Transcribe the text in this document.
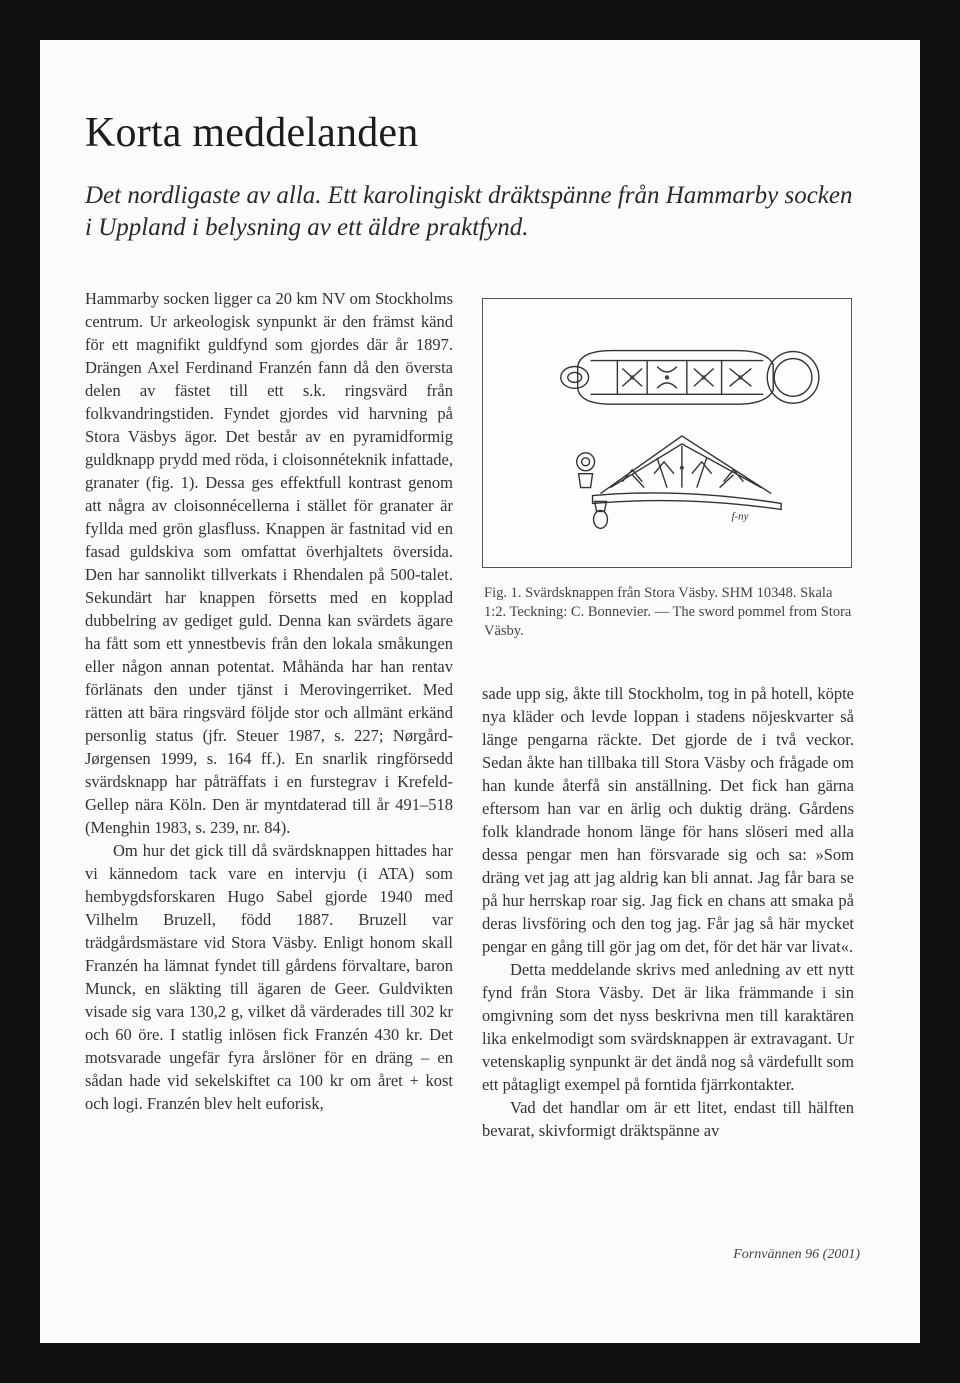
Korta meddelanden
Det nordligaste av alla. Ett karolingiskt dräktspänne från Hammarby socken i Uppland i belysning av ett äldre praktfynd.

Hammarby socken ligger ca 20 km NV om Stockholms centrum. Ur arkeologisk synpunkt är den främst känd för ett magnifikt guldfynd som gjordes där år 1897. Drängen Axel Ferdinand Franzén fann då den översta delen av fästet till ett s.k. ringsvärd från folkvandringstiden. Fyndet gjordes vid harvning på Stora Väsbys ägor. Det består av en pyramidformig guldknapp prydd med röda, i cloisonnéteknik infattade, granater (fig. 1). Dessa ges effektfull kontrast genom att några av cloisonnécellerna i stället för granater är fyllda med grön glasfluss. Knappen är fastnitad vid en fasad guldskiva som omfattat överhjaltets översida. Den har sannolikt tillverkats i Rhendalen på 500-talet. Sekundärt har knappen försetts med en kopplad dubbelring av gediget guld. Denna kan svärdets ägare ha fått som ett ynnestbevis från den lokala småkungen eller någon annan potentat. Måhända har han rentav förlänats den under tjänst i Merovingerriket. Med rätten att bära ringsvärd följde stor och allmänt erkänd personlig status (jfr. Steuer 1987, s. 227; Nørgård-Jørgensen 1999, s. 164 ff.). En snarlik ringförsedd svärdsknapp har påträffats i en furstegrav i Krefeld-Gellep nära Köln. Den är myntdaterad till år 491–518 (Menghin 1983, s. 239, nr. 84).

Om hur det gick till då svärdsknappen hittades har vi kännedom tack vare en intervju (i ATA) som hembygdsforskaren Hugo Sabel gjorde 1940 med Vilhelm Bruzell, född 1887. Bruzell var trädgårdsmästare vid Stora Väsby. Enligt honom skall Franzén ha lämnat fyndet till gårdens förvaltare, baron Munck, en släkting till ägaren de Geer. Guldvikten visade sig vara 130,2 g, vilket då värderades till 302 kr och 60 öre. I statlig inlösen fick Franzén 430 kr. Det motsvarade ungefär fyra årslöner för en dräng – en sådan hade vid sekelskiftet ca 100 kr om året + kost och logi. Franzén blev helt euforisk,

f-ny

Fig. 1. Svärdsknappen från Stora Väsby. SHM 10348. Skala 1:2. Teckning: C. Bonnevier. — The sword pommel from Stora Väsby.

sade upp sig, åkte till Stockholm, tog in på hotell, köpte nya kläder och levde loppan i stadens nöjeskvarter så länge pengarna räckte. Det gjorde de i två veckor. Sedan åkte han tillbaka till Stora Väsby och frågade om han kunde återfå sin anställning. Det fick han gärna eftersom han var en ärlig och duktig dräng. Gårdens folk klandrade honom länge för hans slöseri med alla dessa pengar men han försvarade sig och sa: »Som dräng vet jag att jag aldrig kan bli annat. Jag får bara se på hur herrskap roar sig. Jag fick en chans att smaka på deras livsföring och den tog jag. Får jag så här mycket pengar en gång till gör jag om det, för det här var livat«.

Detta meddelande skrivs med anledning av ett nytt fynd från Stora Väsby. Det är lika främmande i sin omgivning som det nyss beskrivna men till karaktären lika enkelmodigt som svärdsknappen är extravagant. Ur vetenskaplig synpunkt är det ändå nog så värdefullt som ett påtagligt exempel på forntida fjärrkontakter.

Vad det handlar om är ett litet, endast till hälften bevarat, skivformigt dräktspänne av

Fornvännen 96 (2001)
